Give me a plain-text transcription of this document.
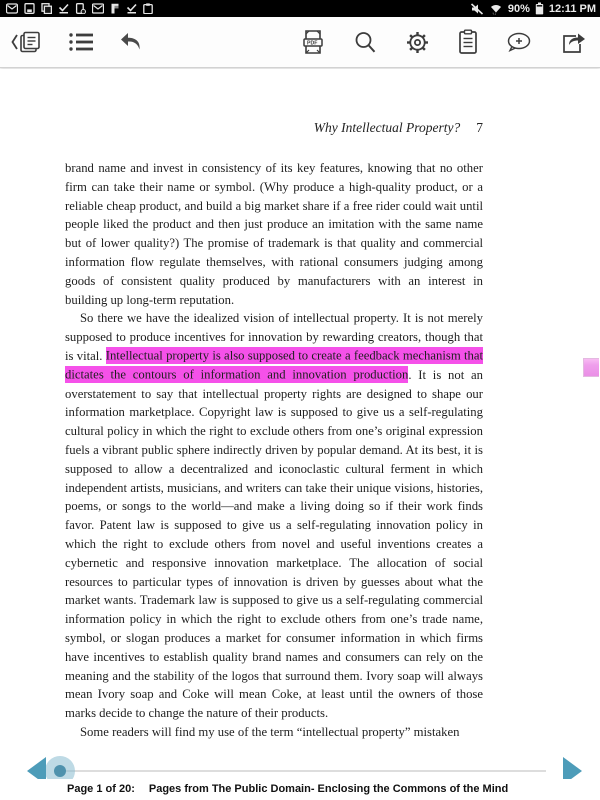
↑↓ 90% 12:11 PM
PDF
Why Intellectual Property? 7

brand name and invest in consistency of its key features, knowing that no other firm can take their name or symbol. (Why produce a high-quality product, or a reliable cheap product, and build a big market share if a free rider could wait until people liked the product and then just produce an imitation with the same name but of lower quality?) The promise of trademark is that quality and commercial information flow regulate themselves, with rational consumers judging among goods of consistent quality produced by manufacturers with an interest in building up long-term reputation.

So there we have the idealized vision of intellectual property. It is not merely supposed to produce incentives for innovation by rewarding creators, though that is vital. Intellectual property is also supposed to create a feedback mechanism that dictates the contours of information and innovation production. It is not an overstatement to say that intellectual property rights are designed to shape our information marketplace. Copyright law is supposed to give us a self-regulating cultural policy in which the right to exclude others from one’s original expression fuels a vibrant public sphere indirectly driven by popular demand. At its best, it is supposed to allow a decentralized and iconoclastic cultural ferment in which independent artists, musicians, and writers can take their unique visions, histories, poems, or songs to the world—and make a living doing so if their work finds favor. Patent law is supposed to give us a self-regulating innovation policy in which the right to exclude others from novel and useful inventions creates a cybernetic and responsive innovation marketplace. The allocation of social resources to particular types of innovation is driven by guesses about what the market wants. Trademark law is supposed to give us a self-regulating commercial information policy in which the right to exclude others from one’s trade name, symbol, or slogan produces a market for consumer information in which firms have incentives to establish quality brand names and consumers can rely on the meaning and the stability of the logos that surround them. Ivory soap will always mean Ivory soap and Coke will mean Coke, at least until the owners of those marks decide to change the nature of their products.

Some readers will find my use of the term “intellectual property” mistaken

Page 1 of 20: Pages from The Public Domain- Enclosing the Commons of the Mind
